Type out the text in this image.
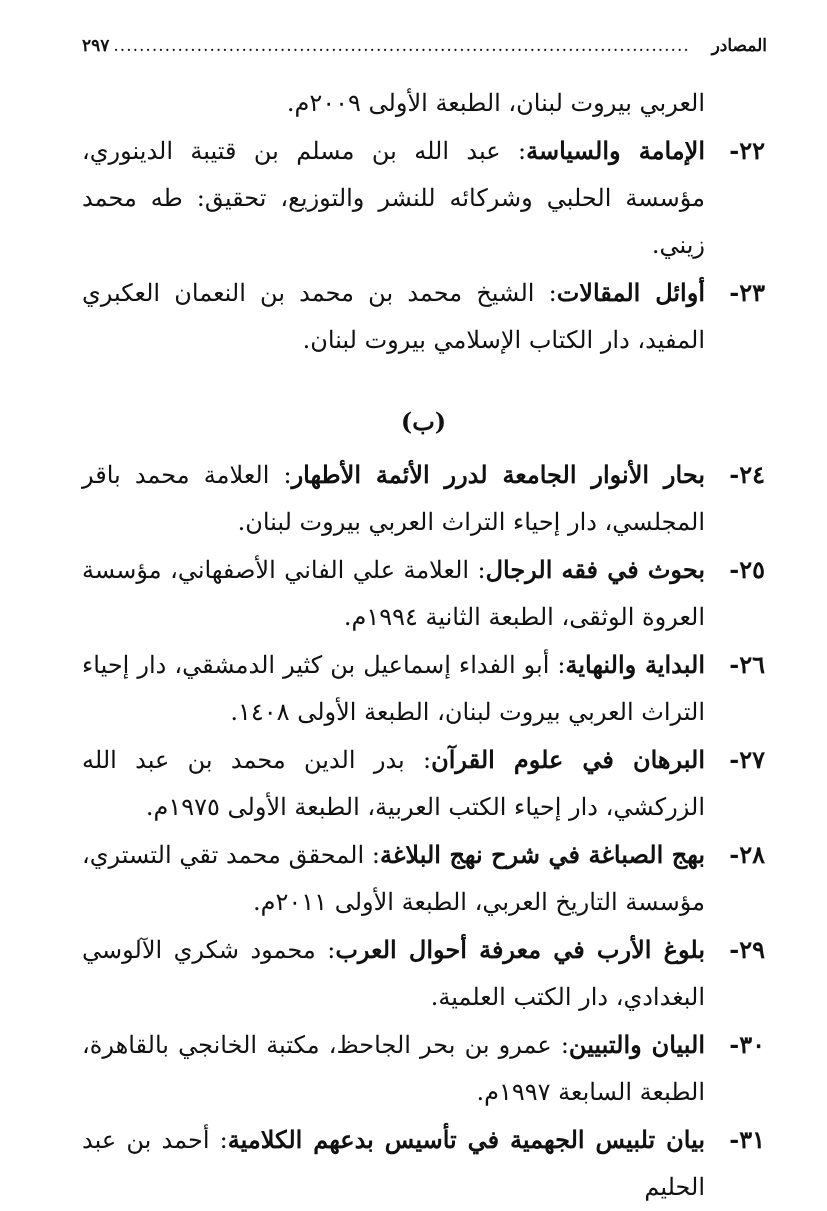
المصادر
..........................................................................................
٢٩٧
العربي بيروت لبنان، الطبعة الأولى ٢٠٠٩م.
٢٢-
الإمامة والسياسة: عبد الله بن مسلم بن قتيبة الدينوري، مؤسسة الحلبي وشركائه للنشر والتوزيع، تحقيق: طه محمد زيني.
٢٣-
أوائل المقالات: الشيخ محمد بن محمد بن النعمان العكبري المفيد، دار الكتاب الإسلامي بيروت لبنان.
(ب)
٢٤-
بحار الأنوار الجامعة لدرر الأئمة الأطهار: العلامة محمد باقر المجلسي، دار إحياء التراث العربي بيروت لبنان.
٢٥-
بحوث في فقه الرجال: العلامة علي الفاني الأصفهاني، مؤسسة العروة الوثقى، الطبعة الثانية ١٩٩٤م.
٢٦-
البداية والنهاية: أبو الفداء إسماعيل بن كثير الدمشقي، دار إحياء التراث العربي بيروت لبنان، الطبعة الأولى ١٤٠٨.
٢٧-
البرهان في علوم القرآن: بدر الدين محمد بن عبد الله الزركشي، دار إحياء الكتب العربية، الطبعة الأولى ١٩٧٥م.
٢٨-
بهج الصباغة في شرح نهج البلاغة: المحقق محمد تقي التستري، مؤسسة التاريخ العربي، الطبعة الأولى ٢٠١١م.
٢٩-
بلوغ الأرب في معرفة أحوال العرب: محمود شكري الآلوسي البغدادي، دار الكتب العلمية.
٣٠-
البيان والتبيين: عمرو بن بحر الجاحظ، مكتبة الخانجي بالقاهرة، الطبعة السابعة ١٩٩٧م.
٣١-
بيان تلبيس الجهمية في تأسيس بدعهم الكلامية: أحمد بن عبد الحليم
